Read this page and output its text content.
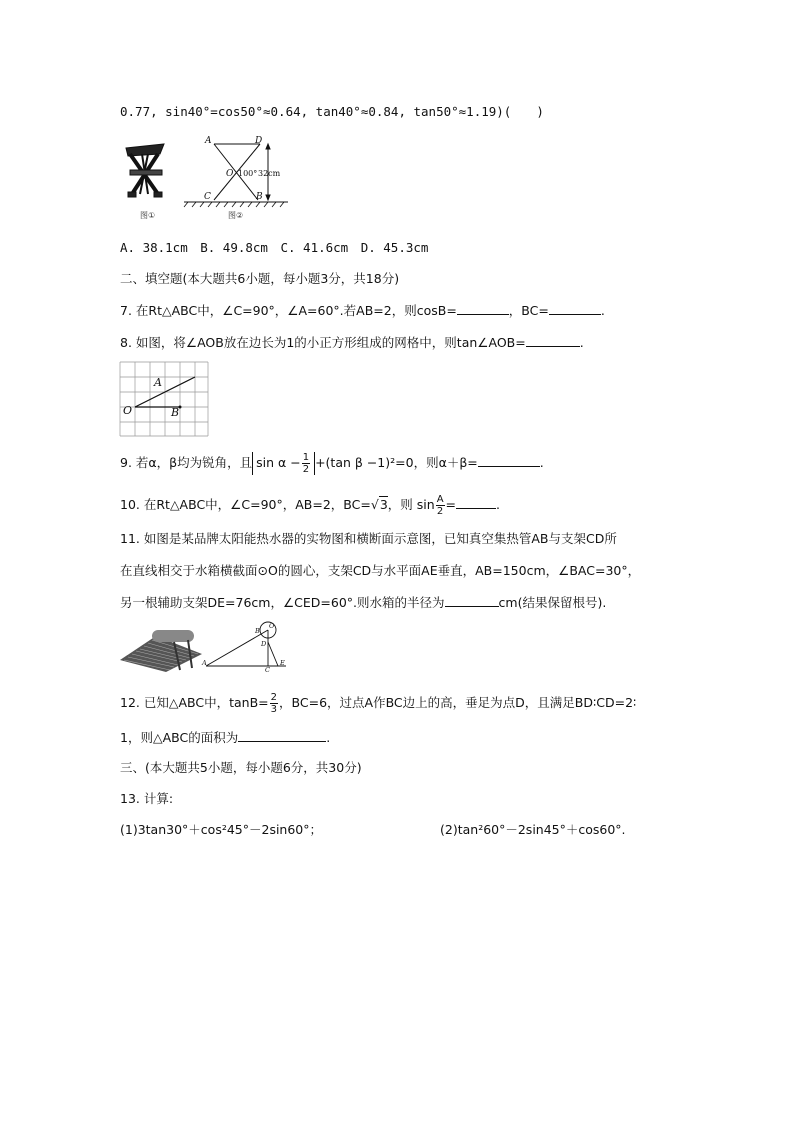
0.77, sin40°=cos50°≈0.64, tan40°≈0.84, tan50°≈1.19)(　　)
A	D
O
C	B
100° 32cm
图①	图②
A. 38.1cm　B. 49.8cm　C. 41.6cm　D. 45.3cm
二、填空题(本大题共6小题，每小题3分，共18分)
7. 在Rt△ABC中，∠C=90°，∠A=60°.若AB=2，则cosB=	，BC=	.
8. 如图，将∠AOB放在边长为1的小正方形组成的网格中，则tan∠AOB=	.
A
O	B
9. 若α，β均为锐角，且 $\sin \alpha - \frac{1}{2} +(\tan$ β −1)²=0，则α＋β=	.
10. 在Rt△ABC中，∠C=90°，AB=2，BC=√3，则 $\sin \frac{A}{2}$ =	.
11. 如图是某品牌太阳能热水器的实物图和横断面示意图，已知真空集热管AB与支架CD所
在直线相交于水箱横截面⊙O的圆心，支架CD与水平面AE垂直，AB=150cm，∠BAC=30°，
另一根辅助支架DE=76cm，∠CED=60°.则水箱的半径为	cm(结果保留根号).
A
B
O
D
C
E
12. 已知△ABC中，$\tan B= \frac{2}{3}$ ，BC=6，过点A作BC边上的高，垂足为点D，且满足BD∶CD=2∶
1，则△ABC的面积为	.
三、(本大题共5小题，每小题6分，共30分)
13. 计算:
(1)3tan30°＋cos²45°－2sin60°；	(2)tan²60°－2sin45°＋cos60°.
